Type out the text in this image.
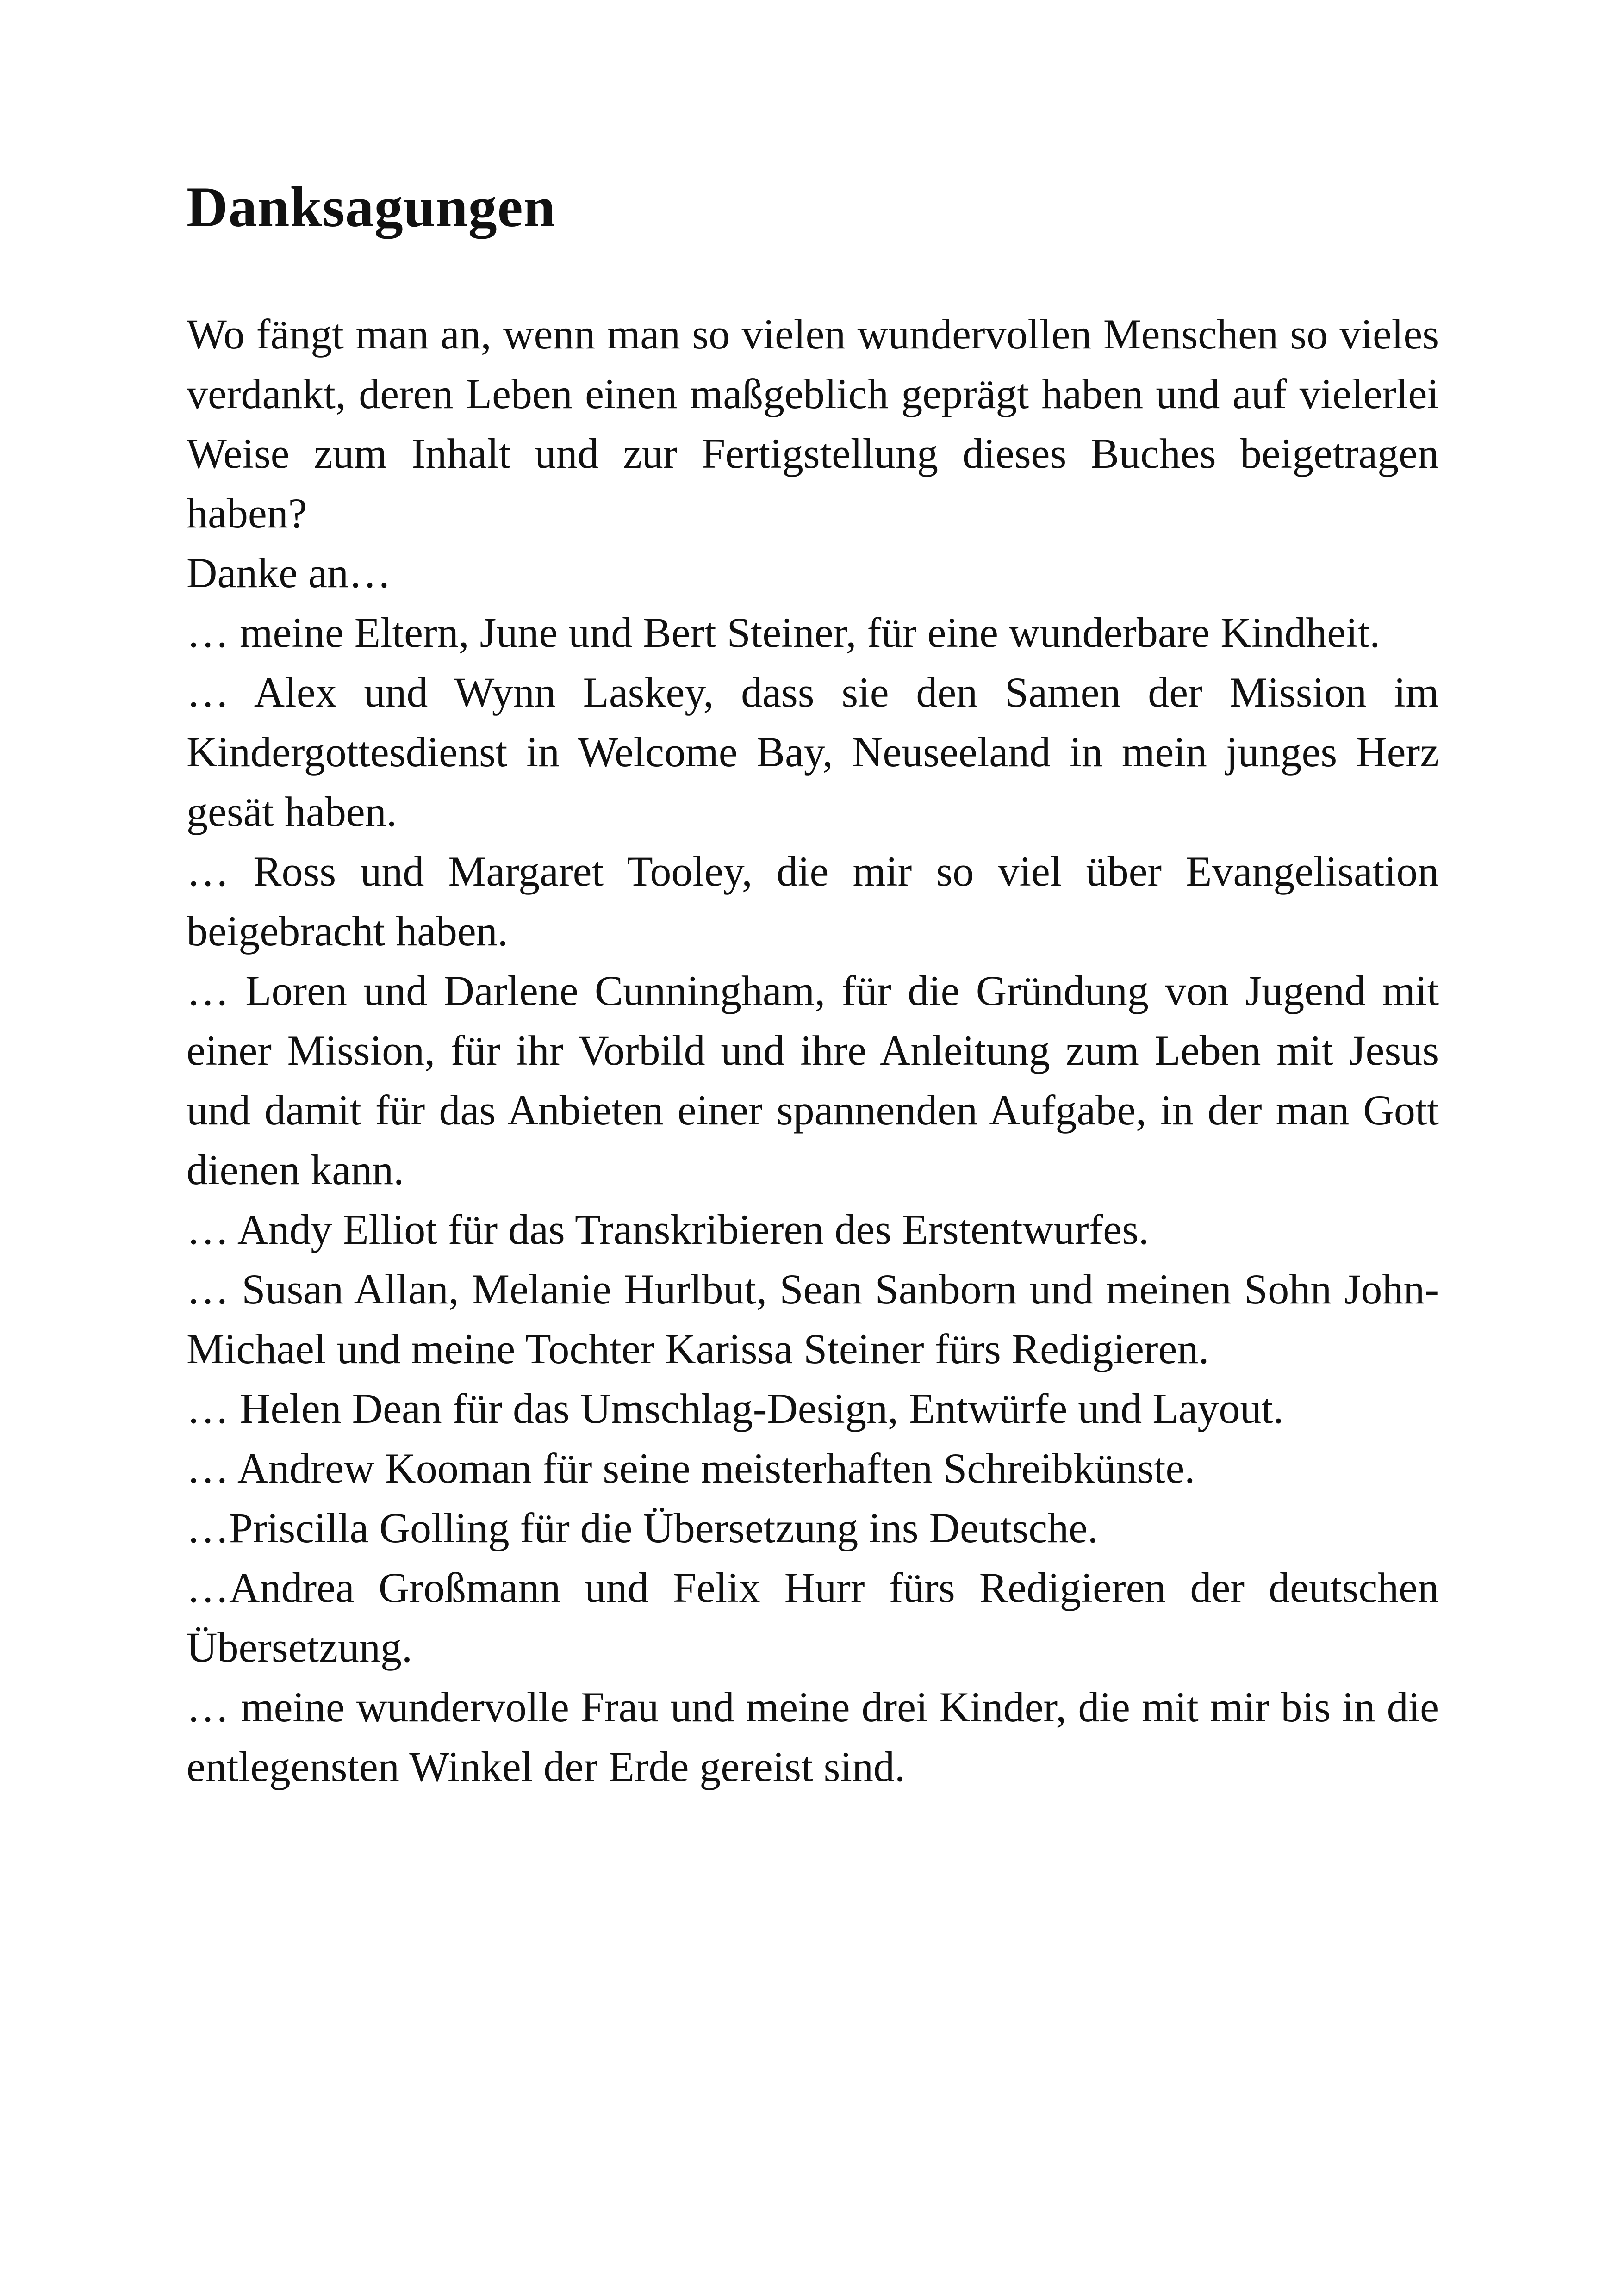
Danksagungen

Wo fängt man an, wenn man so vielen wundervollen Menschen so vieles verdankt, deren Leben einen maßgeblich geprägt haben und auf vielerlei Weise zum Inhalt und zur Fertigstellung dieses Buches beigetragen haben?

Danke an…

… meine Eltern, June und Bert Steiner, für eine wunderbare Kindheit.

… Alex und Wynn Laskey, dass sie den Samen der Mission im Kindergottesdienst in Welcome Bay, Neuseeland in mein junges Herz gesät haben.

… Ross und Margaret Tooley, die mir so viel über Evangelisation beigebracht haben.

… Loren und Darlene Cunningham, für die Gründung von Jugend mit einer Mission, für ihr Vorbild und ihre Anleitung zum Leben mit Jesus und damit für das Anbieten einer spannenden Aufgabe, in der man Gott dienen kann.

… Andy Elliot für das Transkribieren des Erstentwurfes.

… Susan Allan, Melanie Hurlbut, Sean Sanborn und meinen Sohn John-Michael und meine Tochter Karissa Steiner fürs Redigieren.

… Helen Dean für das Umschlag-Design, Entwürfe und Layout.

… Andrew Kooman für seine meisterhaften Schreibkünste.

…Priscilla Golling für die Übersetzung ins Deutsche.

…Andrea Großmann und Felix Hurr fürs Redigieren der deutschen Übersetzung.

… meine wundervolle Frau und meine drei Kinder, die mit mir bis in die entlegensten Winkel der Erde gereist sind.
